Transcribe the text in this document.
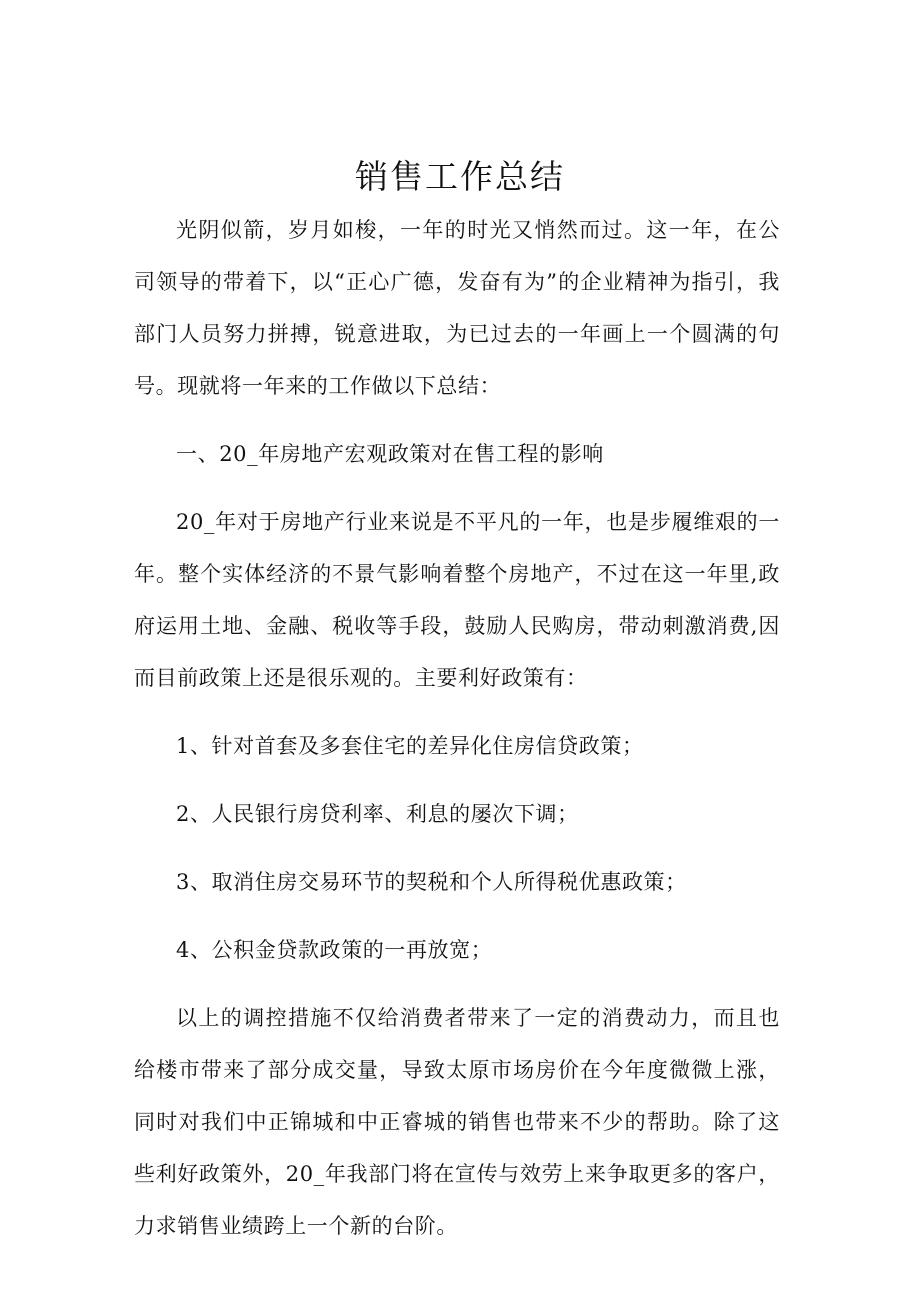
销售工作总结

光阴似箭，岁月如梭，一年的时光又悄然而过。这一年，在公司领导的带着下，以“正心广德，发奋有为”的企业精神为指引，我部门人员努力拼搏，锐意进取，为已过去的一年画上一个圆满的句号。现就将一年来的工作做以下总结：

一、20_年房地产宏观政策对在售工程的影响

20_年对于房地产行业来说是不平凡的一年，也是步履维艰的一年。整个实体经济的不景气影响着整个房地产，不过在这一年里,政府运用土地、金融、税收等手段，鼓励人民购房，带动刺激消费,因而目前政策上还是很乐观的。主要利好政策有：

1、针对首套及多套住宅的差异化住房信贷政策；

2、人民银行房贷利率、利息的屡次下调；

3、取消住房交易环节的契税和个人所得税优惠政策；

4、公积金贷款政策的一再放宽；

以上的调控措施不仅给消费者带来了一定的消费动力，而且也给楼市带来了部分成交量，导致太原市场房价在今年度微微上涨，同时对我们中正锦城和中正睿城的销售也带来不少的帮助。除了这些利好政策外，20_年我部门将在宣传与效劳上来争取更多的客户，力求销售业绩跨上一个新的台阶。
